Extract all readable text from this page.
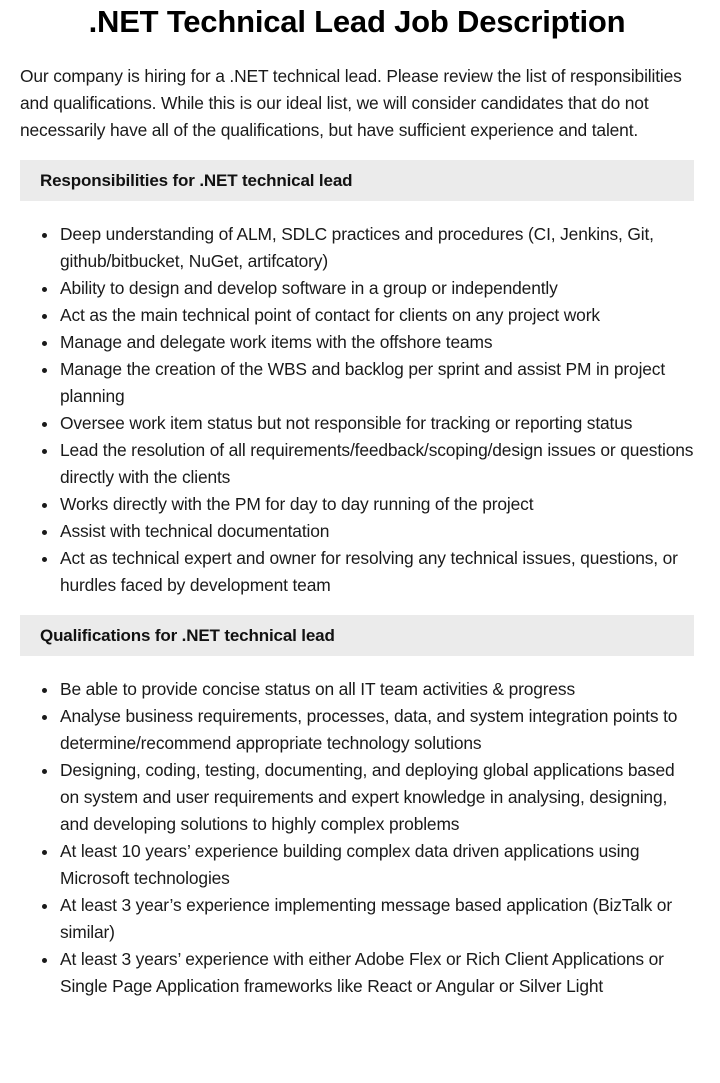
.NET Technical Lead Job Description

Our company is hiring for a .NET technical lead. Please review the list of responsibilities and qualifications. While this is our ideal list, we will consider candidates that do not necessarily have all of the qualifications, but have sufficient experience and talent.

Responsibilities for .NET technical lead
Deep understanding of ALM, SDLC practices and procedures (CI, Jenkins, Git, github/bitbucket, NuGet, artifcatory)
Ability to design and develop software in a group or independently
Act as the main technical point of contact for clients on any project work
Manage and delegate work items with the offshore teams
Manage the creation of the WBS and backlog per sprint and assist PM in project planning
Oversee work item status but not responsible for tracking or reporting status
Lead the resolution of all requirements/feedback/scoping/design issues or questions directly with the clients
Works directly with the PM for day to day running of the project
Assist with technical documentation
Act as technical expert and owner for resolving any technical issues, questions, or hurdles faced by development team
Qualifications for .NET technical lead
Be able to provide concise status on all IT team activities & progress
Analyse business requirements, processes, data, and system integration points to determine/recommend appropriate technology solutions
Designing, coding, testing, documenting, and deploying global applications based on system and user requirements and expert knowledge in analysing, designing, and developing solutions to highly complex problems
At least 10 years’ experience building complex data driven applications using Microsoft technologies
At least 3 year’s experience implementing message based application (BizTalk or similar)
At least 3 years’ experience with either Adobe Flex or Rich Client Applications or Single Page Application frameworks like React or Angular or Silver Light
